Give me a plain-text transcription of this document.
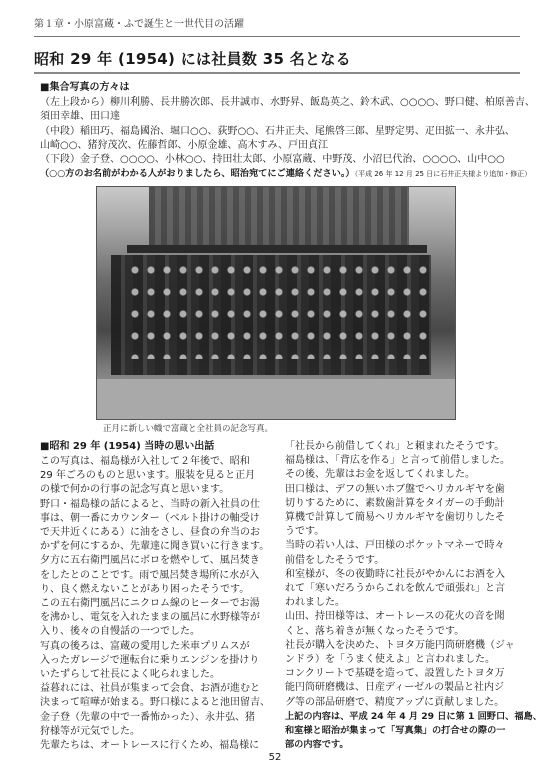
第１章・小原富蔵・ふで誕生と一世代目の活躍
昭和 29 年 (1954) には社員数 35 名となる
■集合写真の方々は
（左上段から）柳川利勝、長井勝次郎、長井誠市、水野昇、飯島英之、鈴木武、○○○○、野口健、柏原善吉、
須田幸雄、田口達
（中段）稲田巧、福島國治、堀口○○、荻野○○、石井正夫、尾熊啓三郎、星野定男、疋田拡一、永井弘、
山崎○○、猪狩茂次、佐藤哲郎、小原金雄、高木すみ、戸田貞江
（下段）金子登、○○○○、小林○○、持田壮太郎、小原富蔵、中野茂、小沼巳代治、○○○○、山中○○
（○○方のお名前がわかる人がおりましたら、昭治宛てにご連絡ください。）（平成 26 年 12 月 25 日に石井正夫様より追加・修正）
正月に新しい幟で富蔵と全社員の記念写真。
■昭和 29 年 (1954) 当時の思い出話
この写真は、福島様が入社して２年後で、昭和
29 年ごろのものと思います。服装を見ると正月
の様で何かの行事の記念写真と思います。
野口・福島様の話によると、当時の新入社員の仕
事は、朝一番にカウンター（ベルト掛けの軸受け
で天井近くにある）に油をさし、昼食の弁当のお
かずを何にするか、先輩達に聞き買いに行きます。
夕方に五右衛門風呂にボロを燃やして、風呂焚き
をしたとのことです。雨で風呂焚き場所に水が入
り、良く燃えないことがあり困ったそうです。
この五右衛門風呂にニクロム線のヒーターでお湯
を沸かし、電気を入れたままの風呂に水野様等が
入り、後々の自慢話の一つでした。
写真の後ろは、富蔵の愛用した米車プリムスが
入ったガレージで運転台に乗りエンジンを掛けり
いたずらして社長によく叱られました。
益暮れには、社員が集まって会食、お酒が進むと
決まって喧嘩が始まる。野口様によると池田留吉、
金子登（先輩の中で一番怖かった）、永井弘、猪
狩様等が元気でした。
先輩たちは、オートレースに行くため、福島様に
「社長から前借してくれ」と頼まれたそうです。
福島様は、「背広を作る」と言って前借しました。
その後、先輩はお金を返してくれました。
田口様は、デフの無いホブ盤でヘリカルギヤを歯
切りするために、素数歯計算をタイガーの手動計
算機で計算して簡易ヘリカルギヤを歯切りしたそ
うです。
当時の若い人は、戸田様のポケットマネーで時々
前借をしたそうです。
和室様が、冬の夜勤時に社長がやかんにお酒を入
れて「寒いだろうからこれを飲んで頑張れ」と言
われました。
山田、持田様等は、オートレースの花火の音を聞
くと、落ち着きが無くなったそうです。
社長が購入を決めた、トヨタ万能円筒研磨機（ジャ
ンドラ）を「うまく使えよ」と言われました。
コンクリートで基礎を造って、設置したトヨタ万
能円筒研磨機は、日産ディーゼルの製品と社内ジ
グ等の部品研磨で、精度アップに貢献しました。
上記の内容は、平成 24 年 4 月 29 日に第 1 回野口、福島、
和室様と昭治が集まって「写真集」の打合せの際の一
部の内容です。
52
